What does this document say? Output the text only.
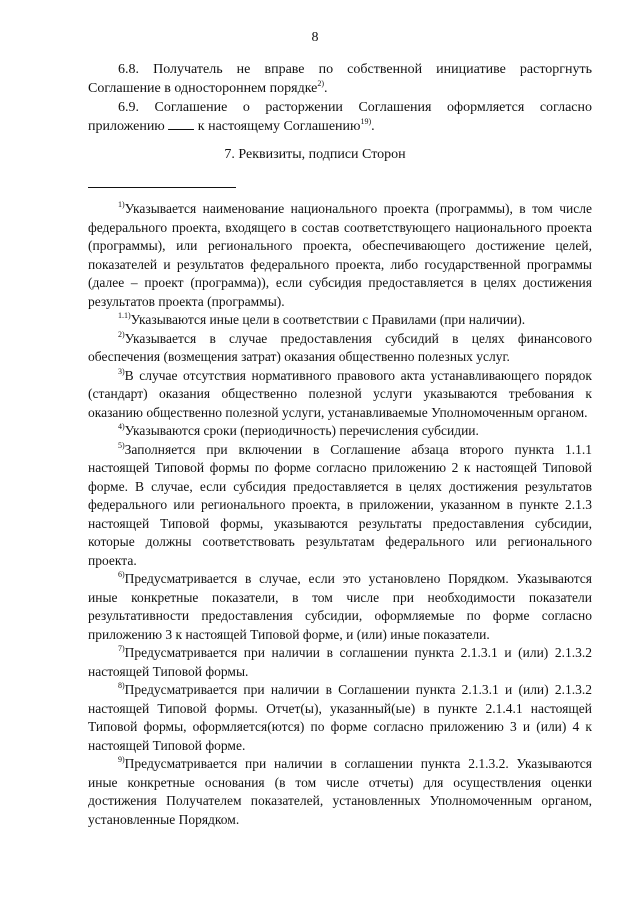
8

6.8. Получатель не вправе по собственной инициативе расторгнуть Соглашение в одностороннем порядке$^{2)}$.

6.9. Соглашение о расторжении Соглашения оформляется согласно приложению  к настоящему Соглашению$^{19)}$.

7. Реквизиты, подписи Сторон

$^{1)}$Указывается наименование национального проекта (программы), в том числе федерального проекта, входящего в состав соответствующего национального проекта (программы), или регионального проекта, обеспечивающего достижение целей, показателей и результатов федерального проекта, либо государственной программы (далее – проект (программа)), если субсидия предоставляется в целях достижения результатов проекта (программы).

$^{1.1)}$Указываются иные цели в соответствии с Правилами (при наличии).

$^{2)}$Указывается в случае предоставления субсидий в целях финансового обеспечения (возмещения затрат) оказания общественно полезных услуг.

$^{3)}$В случае отсутствия нормативного правового акта устанавливающего порядок (стандарт) оказания общественно полезной услуги указываются требования к оказанию общественно полезной услуги, устанавливаемые Уполномоченным органом.

$^{4)}$Указываются сроки (периодичность) перечисления субсидии.

$^{5)}$Заполняется при включении в Соглашение абзаца второго пункта 1.1.1 настоящей Типовой формы по форме согласно приложению 2 к настоящей Типовой форме. В случае, если субсидия предоставляется в целях достижения результатов федерального или регионального проекта, в приложении, указанном в пункте 2.1.3 настоящей Типовой формы, указываются результаты предоставления субсидии, которые должны соответствовать результатам федерального или регионального проекта.

$^{6)}$Предусматривается в случае, если это установлено Порядком. Указываются иные конкретные показатели, в том числе при необходимости показатели результативности предоставления субсидии, оформляемые по форме согласно приложению 3 к настоящей Типовой форме, и (или) иные показатели.

$^{7)}$Предусматривается при наличии в соглашении пункта 2.1.3.1 и (или) 2.1.3.2 настоящей Типовой формы.

$^{8)}$Предусматривается при наличии в Соглашении пункта 2.1.3.1 и (или) 2.1.3.2 настоящей Типовой формы. Отчет(ы), указанный(ые) в пункте 2.1.4.1 настоящей Типовой формы, оформляется(ются) по форме согласно приложению 3 и (или) 4 к настоящей Типовой форме.

$^{9)}$Предусматривается при наличии в соглашении пункта 2.1.3.2. Указываются иные конкретные основания (в том числе отчеты) для осуществления оценки достижения Получателем показателей, установленных Уполномоченным органом, установленные Порядком.
